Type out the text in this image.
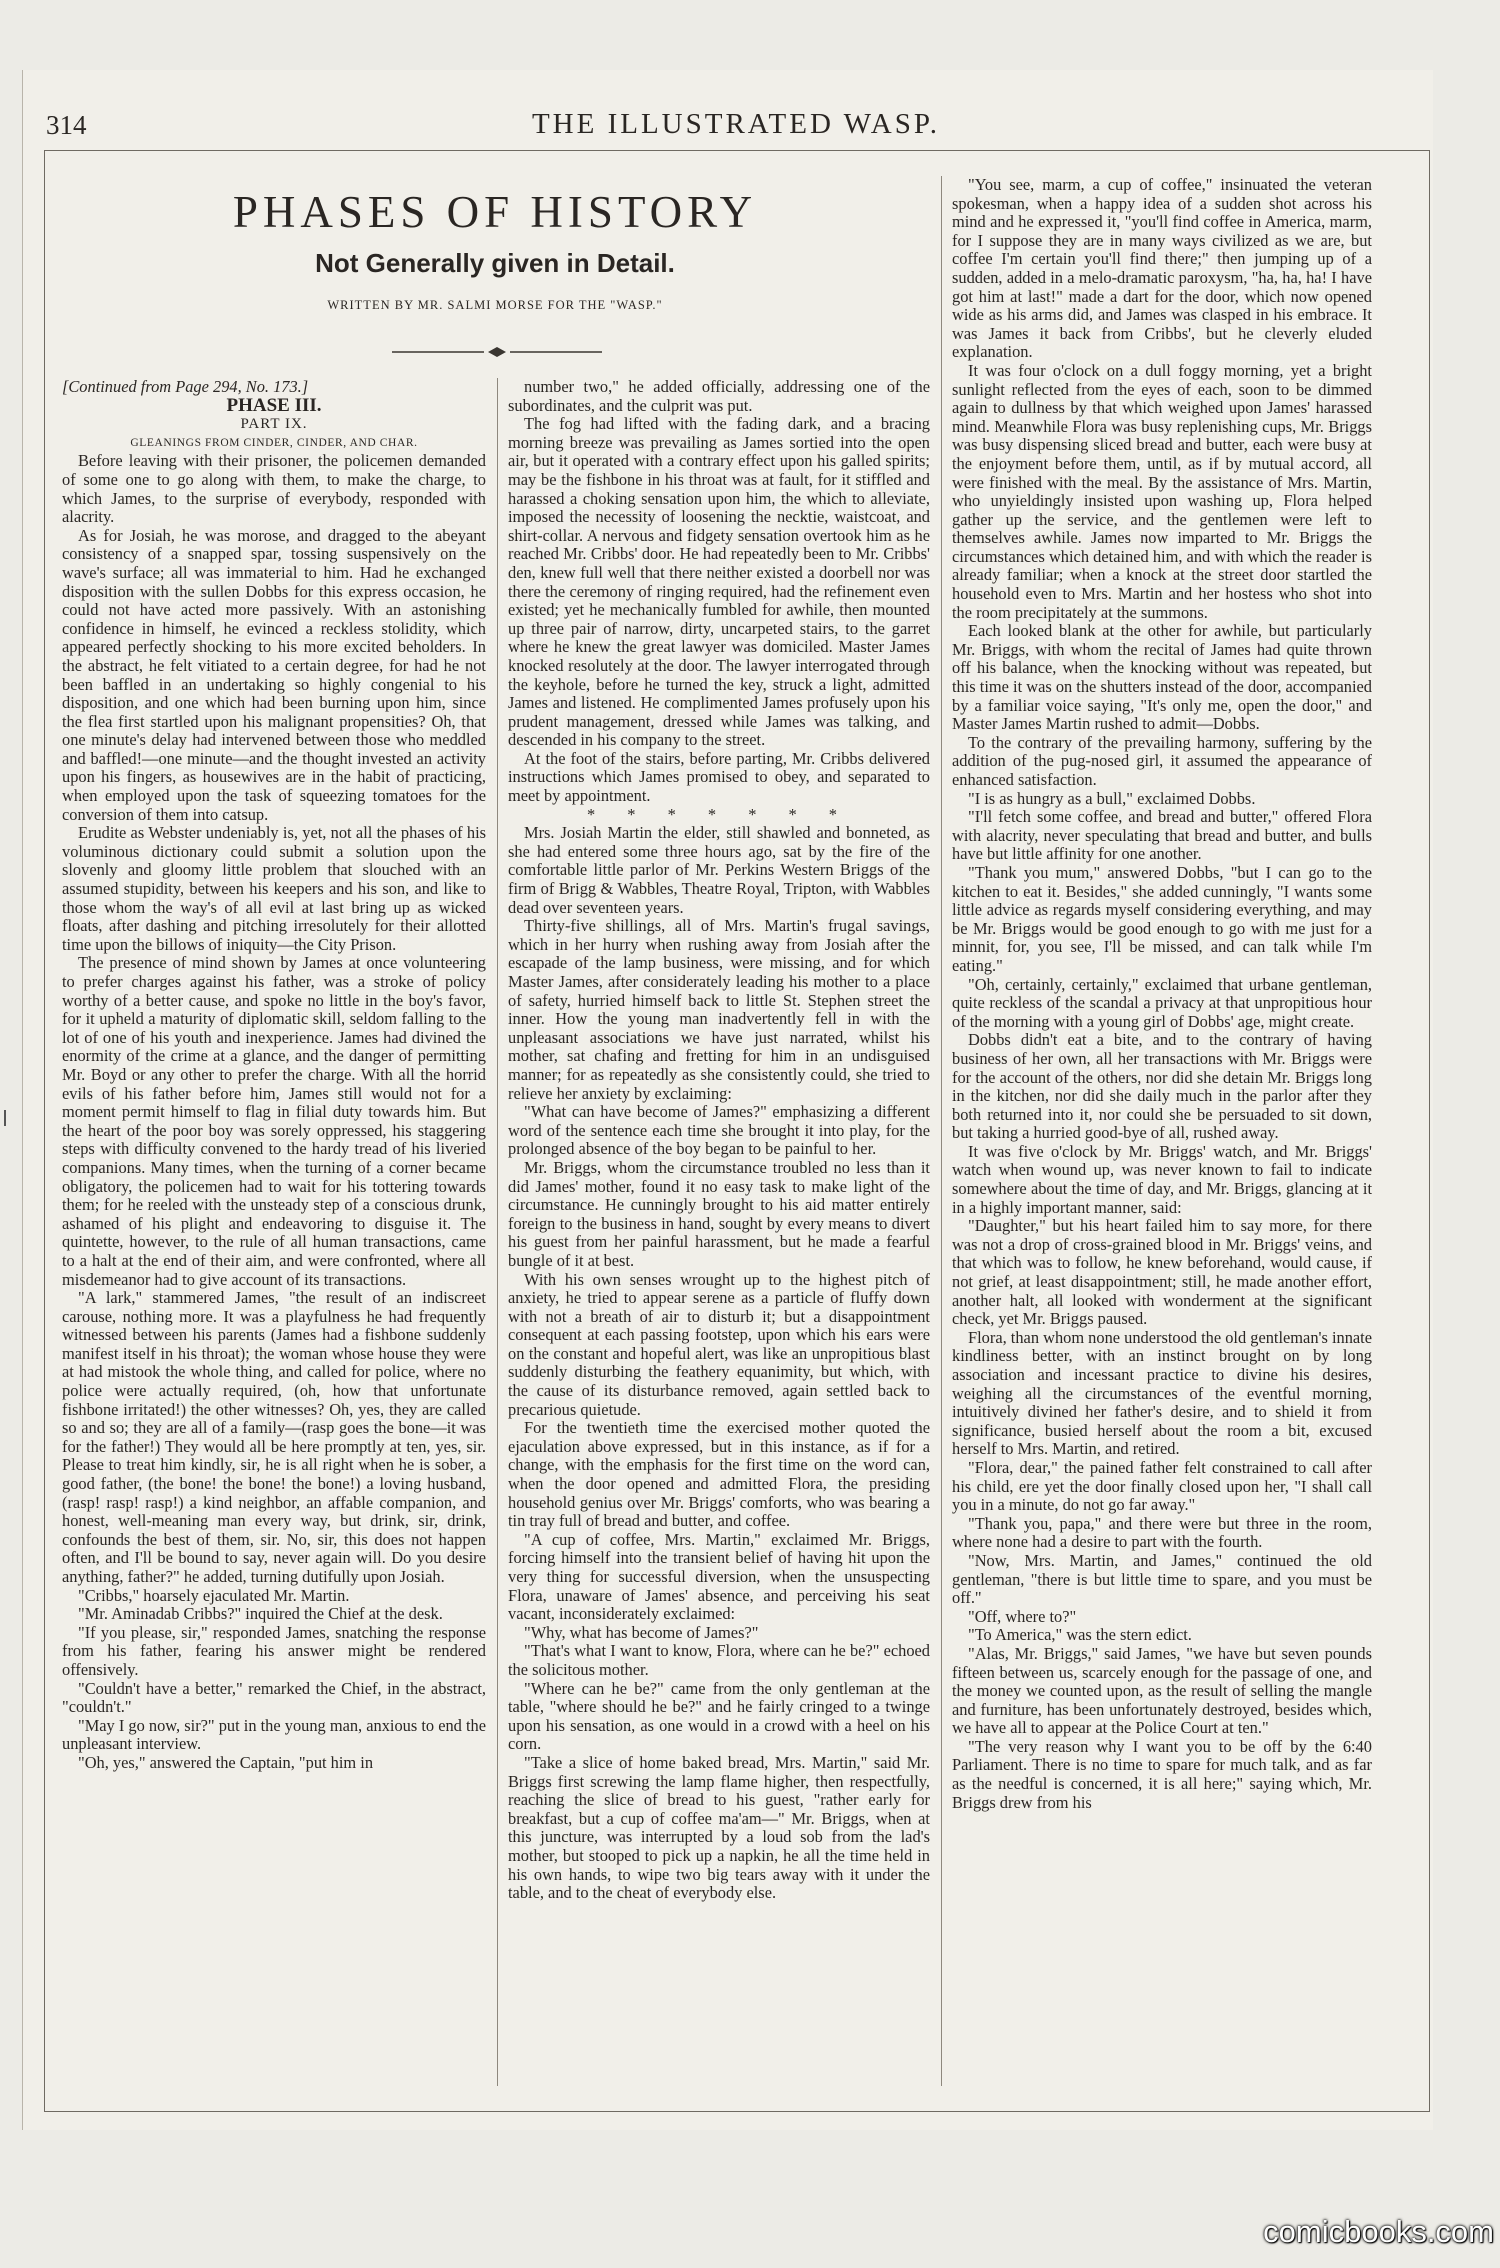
314	THE ILLUSTRATED WASP.
PHASES OF HISTORY
Not Generally given in Detail.
WRITTEN BY MR. SALMI MORSE FOR THE "WASP."

[Continued from Page 294, No. 173.]

PHASE III.

PART IX.

GLEANINGS FROM CINDER, CINDER, AND CHAR.

Before leaving with their prisoner, the policemen demanded of some one to go along with them, to make the charge, to which James, to the surprise of everybody, responded with alacrity.

As for Josiah, he was morose, and dragged to the abeyant consistency of a snapped spar, tossing suspensively on the wave's surface; all was immaterial to him. Had he exchanged disposition with the sullen Dobbs for this express occasion, he could not have acted more passively. With an astonishing confidence in himself, he evinced a reckless stolidity, which appeared perfectly shocking to his more excited beholders. In the abstract, he felt vitiated to a certain degree, for had he not been baffled in an undertaking so highly congenial to his disposition, and one which had been burning upon him, since the flea first startled upon his malignant propensities? Oh, that one minute's delay had intervened between those who meddled and baffled!—one minute—and the thought invested an activity upon his fingers, as housewives are in the habit of practicing, when employed upon the task of squeezing tomatoes for the conversion of them into catsup.

Erudite as Webster undeniably is, yet, not all the phases of his voluminous dictionary could submit a solution upon the slovenly and gloomy little problem that slouched with an assumed stupidity, between his keepers and his son, and like to those whom the way's of all evil at last bring up as wicked floats, after dashing and pitching irresolutely for their allotted time upon the billows of iniquity—the City Prison.

The presence of mind shown by James at once volunteering to prefer charges against his father, was a stroke of policy worthy of a better cause, and spoke no little in the boy's favor, for it upheld a maturity of diplomatic skill, seldom falling to the lot of one of his youth and inexperience. James had divined the enormity of the crime at a glance, and the danger of permitting Mr. Boyd or any other to prefer the charge. With all the horrid evils of his father before him, James still would not for a moment permit himself to flag in filial duty towards him. But the heart of the poor boy was sorely oppressed, his staggering steps with difficulty convened to the hardy tread of his liveried companions. Many times, when the turning of a corner became obligatory, the policemen had to wait for his tottering towards them; for he reeled with the unsteady step of a conscious drunk, ashamed of his plight and endeavoring to disguise it. The quintette, however, to the rule of all human transactions, came to a halt at the end of their aim, and were confronted, where all misdemeanor had to give account of its transactions.

"A lark," stammered James, "the result of an indiscreet carouse, nothing more. It was a playfulness he had frequently witnessed between his parents (James had a fishbone suddenly manifest itself in his throat); the woman whose house they were at had mistook the whole thing, and called for police, where no police were actually required, (oh, how that unfortunate fishbone irritated!) the other witnesses? Oh, yes, they are called so and so; they are all of a family—(rasp goes the bone—it was for the father!) They would all be here promptly at ten, yes, sir. Please to treat him kindly, sir, he is all right when he is sober, a good father, (the bone! the bone! the bone!) a loving husband, (rasp! rasp! rasp!) a kind neighbor, an affable companion, and honest, well-meaning man every way, but drink, sir, drink, confounds the best of them, sir. No, sir, this does not happen often, and I'll be bound to say, never again will. Do you desire anything, father?" he added, turning dutifully upon Josiah.

"Cribbs," hoarsely ejaculated Mr. Martin.

"Mr. Aminadab Cribbs?" inquired the Chief at the desk.

"If you please, sir," responded James, snatching the response from his father, fearing his answer might be rendered offensively.

"Couldn't have a better," remarked the Chief, in the abstract, "couldn't."

"May I go now, sir?" put in the young man, anxious to end the unpleasant interview.

"Oh, yes," answered the Captain, "put him in

number two," he added officially, addressing one of the subordinates, and the culprit was put.

The fog had lifted with the fading dark, and a bracing morning breeze was prevailing as James sortied into the open air, but it operated with a contrary effect upon his galled spirits; may be the fishbone in his throat was at fault, for it stiffled and harassed a choking sensation upon him, the which to alleviate, imposed the necessity of loosening the necktie, waistcoat, and shirt-collar. A nervous and fidgety sensation overtook him as he reached Mr. Cribbs' door. He had repeatedly been to Mr. Cribbs' den, knew full well that there neither existed a doorbell nor was there the ceremony of ringing required, had the refinement even existed; yet he mechanically fumbled for awhile, then mounted up three pair of narrow, dirty, uncarpeted stairs, to the garret where he knew the great lawyer was domiciled. Master James knocked resolutely at the door. The lawyer interrogated through the keyhole, before he turned the key, struck a light, admitted James and listened. He complimented James profusely upon his prudent management, dressed while James was talking, and descended in his company to the street.

At the foot of the stairs, before parting, Mr. Cribbs delivered instructions which James promised to obey, and separated to meet by appointment.

* * * * * * *

Mrs. Josiah Martin the elder, still shawled and bonneted, as she had entered some three hours ago, sat by the fire of the comfortable little parlor of Mr. Perkins Western Briggs of the firm of Brigg & Wabbles, Theatre Royal, Tripton, with Wabbles dead over seventeen years.

Thirty-five shillings, all of Mrs. Martin's frugal savings, which in her hurry when rushing away from Josiah after the escapade of the lamp business, were missing, and for which Master James, after considerately leading his mother to a place of safety, hurried himself back to little St. Stephen street the inner. How the young man inadvertently fell in with the unpleasant associations we have just narrated, whilst his mother, sat chafing and fretting for him in an undisguised manner; for as repeatedly as she consistently could, she tried to relieve her anxiety by exclaiming:

"What can have become of James?" emphasizing a different word of the sentence each time she brought it into play, for the prolonged absence of the boy began to be painful to her.

Mr. Briggs, whom the circumstance troubled no less than it did James' mother, found it no easy task to make light of the circumstance. He cunningly brought to his aid matter entirely foreign to the business in hand, sought by every means to divert his guest from her painful harassment, but he made a fearful bungle of it at best.

With his own senses wrought up to the highest pitch of anxiety, he tried to appear serene as a particle of fluffy down with not a breath of air to disturb it; but a disappointment consequent at each passing footstep, upon which his ears were on the constant and hopeful alert, was like an unpropitious blast suddenly disturbing the feathery equanimity, but which, with the cause of its disturbance removed, again settled back to precarious quietude.

For the twentieth time the exercised mother quoted the ejaculation above expressed, but in this instance, as if for a change, with the emphasis for the first time on the word can, when the door opened and admitted Flora, the presiding household genius over Mr. Briggs' comforts, who was bearing a tin tray full of bread and butter, and coffee.

"A cup of coffee, Mrs. Martin," exclaimed Mr. Briggs, forcing himself into the transient belief of having hit upon the very thing for successful diversion, when the unsuspecting Flora, unaware of James' absence, and perceiving his seat vacant, inconsiderately exclaimed:

"Why, what has become of James?"

"That's what I want to know, Flora, where can he be?" echoed the solicitous mother.

"Where can he be?" came from the only gentleman at the table, "where should he be?" and he fairly cringed to a twinge upon his sensation, as one would in a crowd with a heel on his corn.

"Take a slice of home baked bread, Mrs. Martin," said Mr. Briggs first screwing the lamp flame higher, then respectfully, reaching the slice of bread to his guest, "rather early for breakfast, but a cup of coffee ma'am—" Mr. Briggs, when at this juncture, was interrupted by a loud sob from the lad's mother, but stooped to pick up a napkin, he all the time held in his own hands, to wipe two big tears away with it under the table, and to the cheat of everybody else.

"You see, marm, a cup of coffee," insinuated the veteran spokesman, when a happy idea of a sudden shot across his mind and he expressed it, "you'll find coffee in America, marm, for I suppose they are in many ways civilized as we are, but coffee I'm certain you'll find there;" then jumping up of a sudden, added in a melo-dramatic paroxysm, "ha, ha, ha! I have got him at last!" made a dart for the door, which now opened wide as his arms did, and James was clasped in his embrace. It was James it back from Cribbs', but he cleverly eluded explanation.

It was four o'clock on a dull foggy morning, yet a bright sunlight reflected from the eyes of each, soon to be dimmed again to dullness by that which weighed upon James' harassed mind. Meanwhile Flora was busy replenishing cups, Mr. Briggs was busy dispensing sliced bread and butter, each were busy at the enjoyment before them, until, as if by mutual accord, all were finished with the meal. By the assistance of Mrs. Martin, who unyieldingly insisted upon washing up, Flora helped gather up the service, and the gentlemen were left to themselves awhile. James now imparted to Mr. Briggs the circumstances which detained him, and with which the reader is already familiar; when a knock at the street door startled the household even to Mrs. Martin and her hostess who shot into the room precipitately at the summons.

Each looked blank at the other for awhile, but particularly Mr. Briggs, with whom the recital of James had quite thrown off his balance, when the knocking without was repeated, but this time it was on the shutters instead of the door, accompanied by a familiar voice saying, "It's only me, open the door," and Master James Martin rushed to admit—Dobbs.

To the contrary of the prevailing harmony, suffering by the addition of the pug-nosed girl, it assumed the appearance of enhanced satisfaction.

"I is as hungry as a bull," exclaimed Dobbs.

"I'll fetch some coffee, and bread and butter," offered Flora with alacrity, never speculating that bread and butter, and bulls have but little affinity for one another.

"Thank you mum," answered Dobbs, "but I can go to the kitchen to eat it. Besides," she added cunningly, "I wants some little advice as regards myself considering everything, and may be Mr. Briggs would be good enough to go with me just for a minnit, for, you see, I'll be missed, and can talk while I'm eating."

"Oh, certainly, certainly," exclaimed that urbane gentleman, quite reckless of the scandal a privacy at that unpropitious hour of the morning with a young girl of Dobbs' age, might create.

Dobbs didn't eat a bite, and to the contrary of having business of her own, all her transactions with Mr. Briggs were for the account of the others, nor did she detain Mr. Briggs long in the kitchen, nor did she daily much in the parlor after they both returned into it, nor could she be persuaded to sit down, but taking a hurried good-bye of all, rushed away.

It was five o'clock by Mr. Briggs' watch, and Mr. Briggs' watch when wound up, was never known to fail to indicate somewhere about the time of day, and Mr. Briggs, glancing at it in a highly important manner, said:

"Daughter," but his heart failed him to say more, for there was not a drop of cross-grained blood in Mr. Briggs' veins, and that which was to follow, he knew beforehand, would cause, if not grief, at least disappointment; still, he made another effort, another halt, all looked with wonderment at the significant check, yet Mr. Briggs paused.

Flora, than whom none understood the old gentleman's innate kindliness better, with an instinct brought on by long association and incessant practice to divine his desires, weighing all the circumstances of the eventful morning, intuitively divined her father's desire, and to shield it from significance, busied herself about the room a bit, excused herself to Mrs. Martin, and retired.

"Flora, dear," the pained father felt constrained to call after his child, ere yet the door finally closed upon her, "I shall call you in a minute, do not go far away."

"Thank you, papa," and there were but three in the room, where none had a desire to part with the fourth.

"Now, Mrs. Martin, and James," continued the old gentleman, "there is but little time to spare, and you must be off."

"Off, where to?"

"To America," was the stern edict.

"Alas, Mr. Briggs," said James, "we have but seven pounds fifteen between us, scarcely enough for the passage of one, and the money we counted upon, as the result of selling the mangle and furniture, has been unfortunately destroyed, besides which, we have all to appear at the Police Court at ten."

"The very reason why I want you to be off by the 6:40 Parliament. There is no time to spare for much talk, and as far as the needful is concerned, it is all here;" saying which, Mr. Briggs drew from his

comicbooks.com
